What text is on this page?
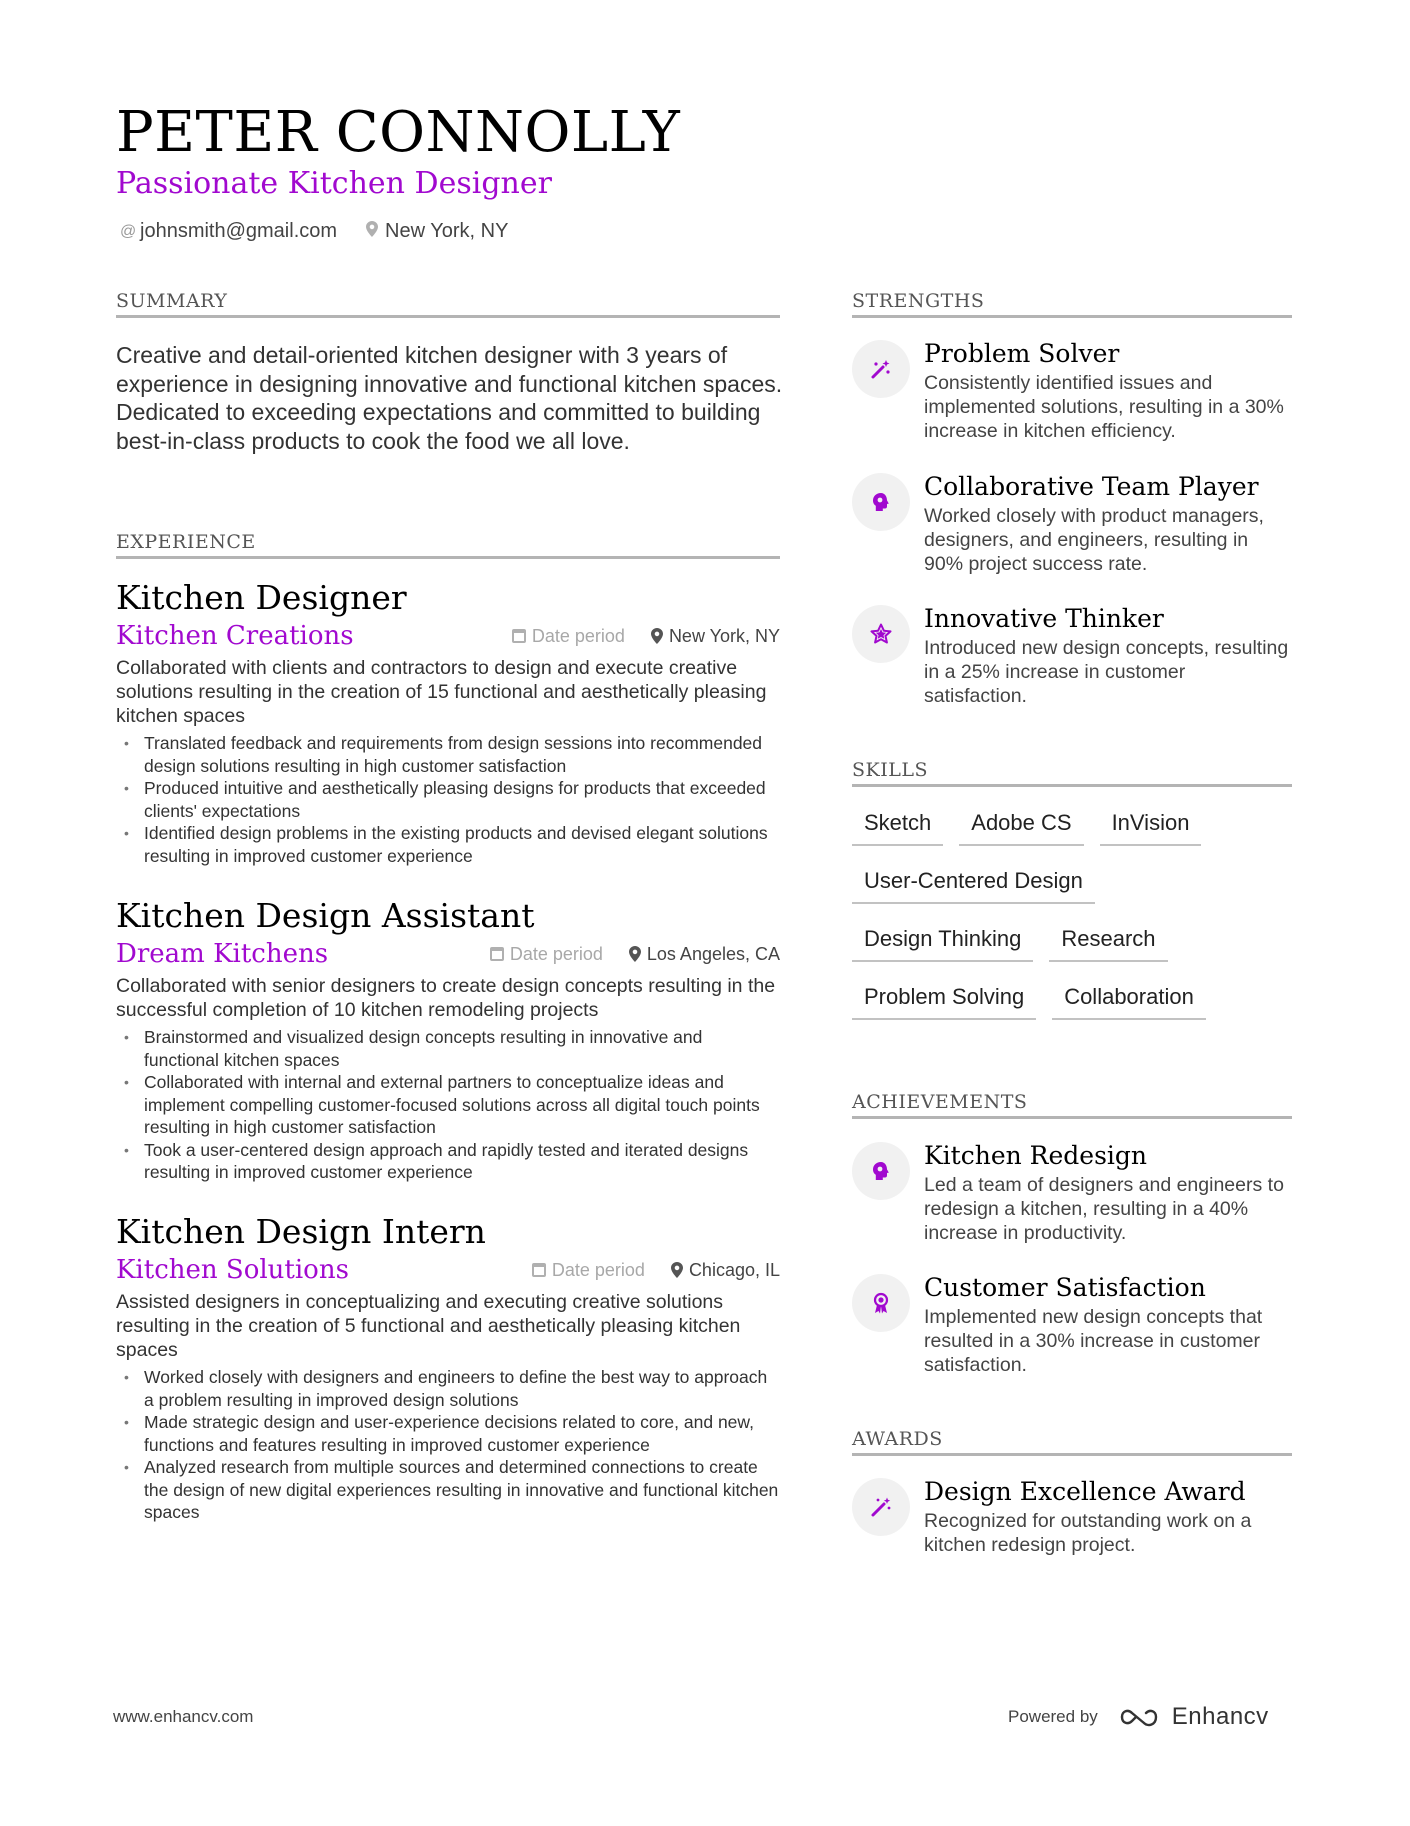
PETER CONNOLLY
Passionate Kitchen Designer
@ johnsmith@gmail.com New York, NY
SUMMARY
Creative and detail-oriented kitchen designer with 3 years of experience in designing innovative and functional kitchen spaces. Dedicated to exceeding expectations and committed to building best-in-class products to cook the food we all love.
EXPERIENCE
Kitchen Designer
Kitchen Creations	Date period New York, NY
Collaborated with clients and contractors to design and execute creative solutions resulting in the creation of 15 functional and aesthetically pleasing kitchen spaces
• Translated feedback and requirements from design sessions into recommended design solutions resulting in high customer satisfaction
• Produced intuitive and aesthetically pleasing designs for products that exceeded clients' expectations
• Identified design problems in the existing products and devised elegant solutions resulting in improved customer experience
Kitchen Design Assistant
Dream Kitchens	Date period Los Angeles, CA
Collaborated with senior designers to create design concepts resulting in the successful completion of 10 kitchen remodeling projects
• Brainstormed and visualized design concepts resulting in innovative and functional kitchen spaces
• Collaborated with internal and external partners to conceptualize ideas and implement compelling customer-focused solutions across all digital touch points resulting in high customer satisfaction
• Took a user-centered design approach and rapidly tested and iterated designs resulting in improved customer experience
Kitchen Design Intern
Kitchen Solutions	Date period Chicago, IL
Assisted designers in conceptualizing and executing creative solutions resulting in the creation of 5 functional and aesthetically pleasing kitchen spaces
• Worked closely with designers and engineers to define the best way to approach a problem resulting in improved design solutions
• Made strategic design and user-experience decisions related to core, and new, functions and features resulting in improved customer experience
• Analyzed research from multiple sources and determined connections to create the design of new digital experiences resulting in innovative and functional kitchen spaces
STRENGTHS
Problem Solver
Consistently identified issues and implemented solutions, resulting in a 30% increase in kitchen efficiency.
Collaborative Team Player
Worked closely with product managers, designers, and engineers, resulting in 90% project success rate.
Innovative Thinker
Introduced new design concepts, resulting in a 25% increase in customer satisfaction.
SKILLS
Sketch	Adobe CS	InVision
User-Centered Design
Design Thinking	Research
Problem Solving	Collaboration
ACHIEVEMENTS
Kitchen Redesign
Led a team of designers and engineers to redesign a kitchen, resulting in a 40% increase in productivity.
Customer Satisfaction
Implemented new design concepts that resulted in a 30% increase in customer satisfaction.
AWARDS
Design Excellence Award
Recognized for outstanding work on a kitchen redesign project.
www.enhancv.com	Powered by	Enhancv
